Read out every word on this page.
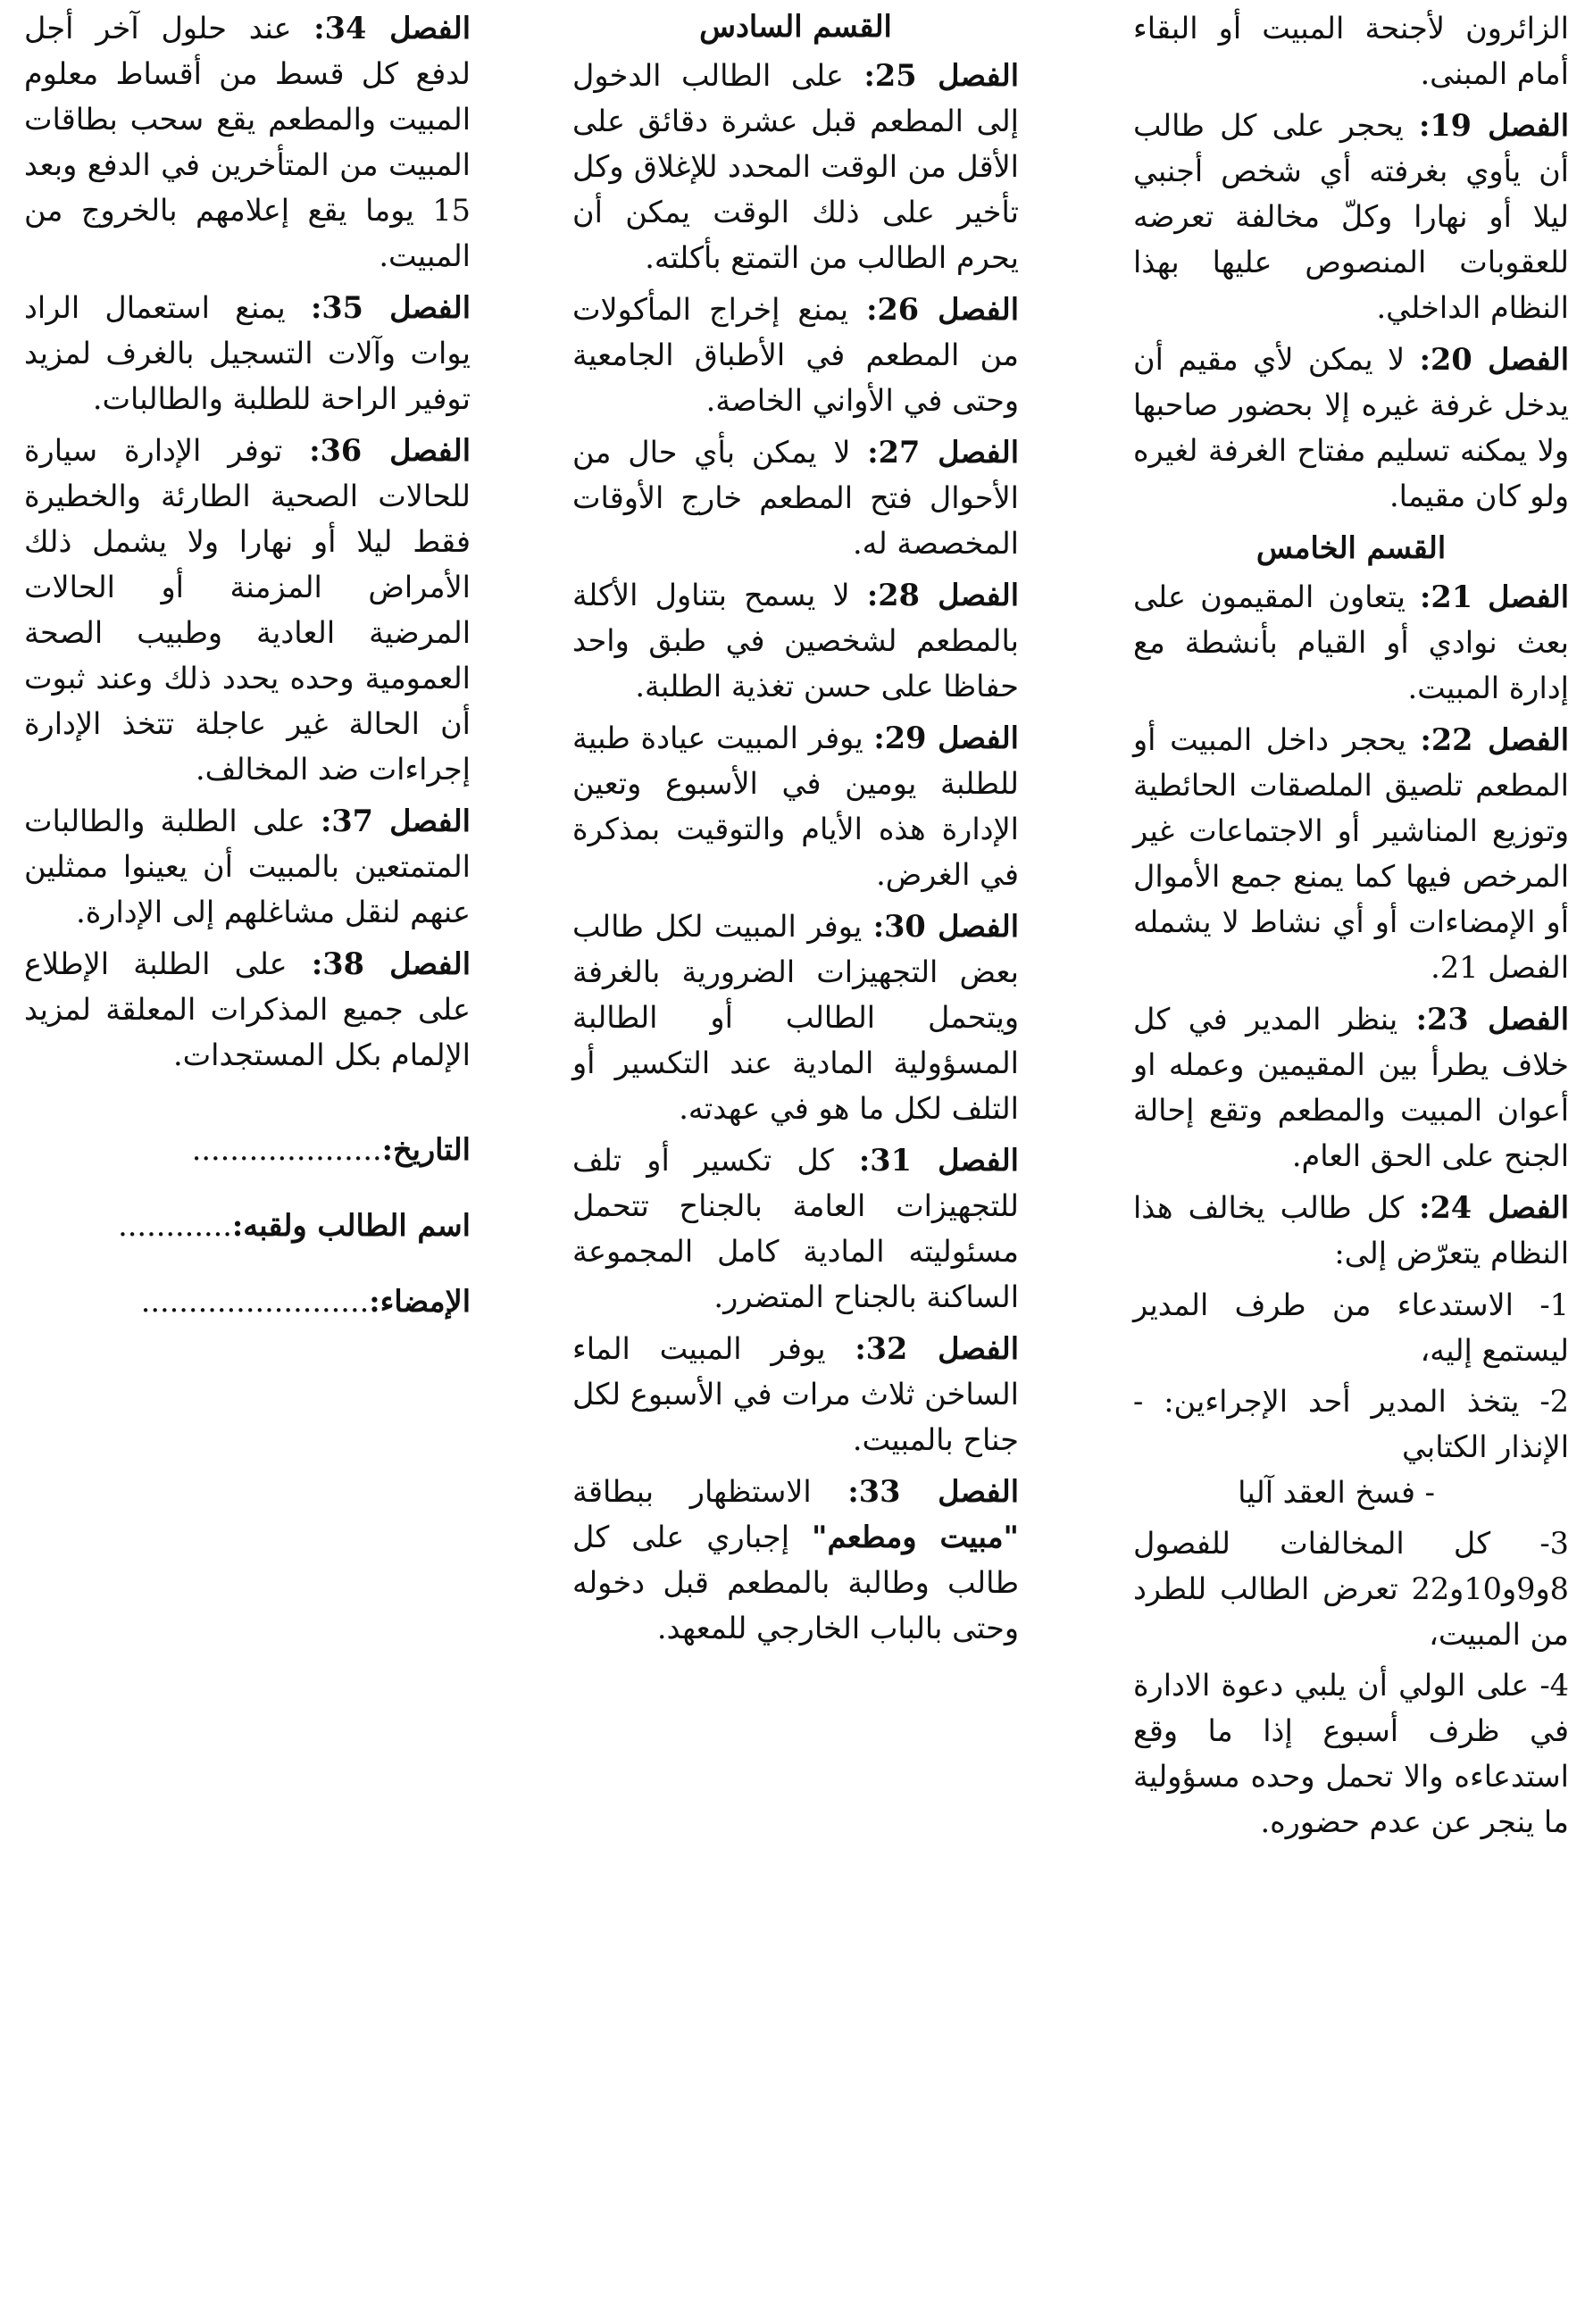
الزائرون لأجنحة المبيت أو البقاء أمام المبنى.

الفصل 19: يحجر على كل طالب أن يأوي بغرفته أي شخص أجنبي ليلا أو نهارا وكلّ مخالفة تعرضه للعقوبات المنصوص عليها بهذا النظام الداخلي.

الفصل 20: لا يمكن لأي مقيم أن يدخل غرفة غيره إلا بحضور صاحبها ولا يمكنه تسليم مفتاح الغرفة لغيره ولو كان مقيما.

القسم الخامس

الفصل 21: يتعاون المقيمون على بعث نوادي أو القيام بأنشطة مع إدارة المبيت.

الفصل 22: يحجر داخل المبيت أو المطعم تلصيق الملصقات الحائطية وتوزيع المناشير أو الاجتماعات غير المرخص فيها كما يمنع جمع الأموال أو الإمضاءات أو أي نشاط لا يشمله الفصل 21.

الفصل 23: ينظر المدير في كل خلاف يطرأ بين المقيمين وعمله او أعوان المبيت والمطعم وتقع إحالة الجنح على الحق العام.

الفصل 24: كل طالب يخالف هذا النظام يتعرّض إلى:

1- الاستدعاء من طرف المدير ليستمع إليه،

2- يتخذ المدير أحد الإجراءين: - الإنذار الكتابي

- فسخ العقد آليا

3- كل المخالفات للفصول 8و9و10و22 تعرض الطالب للطرد من المبيت،

4- على الولي أن يلبي دعوة الادارة في ظرف أسبوع إذا ما وقع استدعاءه والا تحمل وحده مسؤولية ما ينجر عن عدم حضوره.

القسم السادس

الفصل 25: على الطالب الدخول إلى المطعم قبل عشرة دقائق على الأقل من الوقت المحدد للإغلاق وكل تأخير على ذلك الوقت يمكن أن يحرم الطالب من التمتع بأكلته.

الفصل 26: يمنع إخراج المأكولات من المطعم في الأطباق الجامعية وحتى في الأواني الخاصة.

الفصل 27: لا يمكن بأي حال من الأحوال فتح المطعم خارج الأوقات المخصصة له.

الفصل 28: لا يسمح بتناول الأكلة بالمطعم لشخصين في طبق واحد حفاظا على حسن تغذية الطلبة.

الفصل 29: يوفر المبيت عيادة طبية للطلبة يومين في الأسبوع وتعين الإدارة هذه الأيام والتوقيت بمذكرة في الغرض.

الفصل 30: يوفر المبيت لكل طالب بعض التجهيزات الضرورية بالغرفة ويتحمل الطالب أو الطالبة المسؤولية المادية عند التكسير أو التلف لكل ما هو في عهدته.

الفصل 31: كل تكسير أو تلف للتجهيزات العامة بالجناح تتحمل مسئوليته المادية كامل المجموعة الساكنة بالجناح المتضرر.

الفصل 32: يوفر المبيت الماء الساخن ثلاث مرات في الأسبوع لكل جناح بالمبيت.

الفصل 33: الاستظهار ببطاقة "مبيت ومطعم" إجباري على كل طالب وطالبة بالمطعم قبل دخوله وحتى بالباب الخارجي للمعهد.

الفصل 34: عند حلول آخر أجل لدفع كل قسط من أقساط معلوم المبيت والمطعم يقع سحب بطاقات المبيت من المتأخرين في الدفع وبعد 15 يوما يقع إعلامهم بالخروج من المبيت.

الفصل 35: يمنع استعمال الراد يوات وآلات التسجيل بالغرف لمزيد توفير الراحة للطلبة والطالبات.

الفصل 36: توفر الإدارة سيارة للحالات الصحية الطارئة والخطيرة فقط ليلا أو نهارا ولا يشمل ذلك الأمراض المزمنة أو الحالات المرضية العادية وطبيب الصحة العمومية وحده يحدد ذلك وعند ثبوت أن الحالة غير عاجلة تتخذ الإدارة إجراءات ضد المخالف.

الفصل 37: على الطلبة والطالبات المتمتعين بالمبيت أن يعينوا ممثلين عنهم لنقل مشاغلهم إلى الإدارة.

الفصل 38: على الطلبة الإطلاع على جميع المذكرات المعلقة لمزيد الإلمام بكل المستجدات.

التاريخ:....................
اسم الطالب ولقبه:............
الإمضاء:........................
